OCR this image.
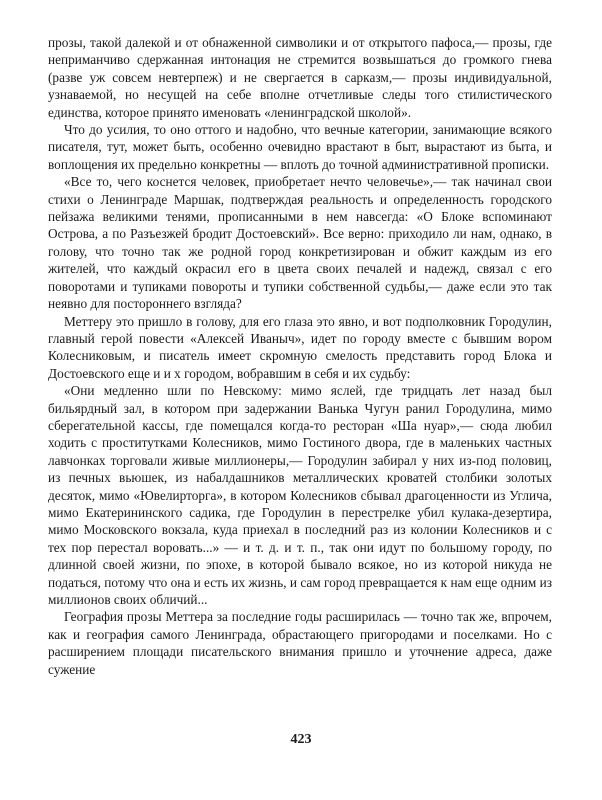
прозы, такой далекой и от обнаженной символики и от открытого пафоса,— прозы, где неприманчиво сдержанная интонация не стремится возвышаться до громкого гнева (разве уж совсем невтерпеж) и не свергается в сарказм,— прозы индивидуальной, узнаваемой, но несущей на себе вполне отчетливые следы того стилистического единства, которое принято именовать «ленинградской школой».

Что до усилия, то оно оттого и надобно, что вечные категории, занимающие всякого писателя, тут, может быть, особенно очевидно врастают в быт, вырастают из быта, и воплощения их предельно конкретны — вплоть до точной административной прописки.

«Все то, чего коснется человек, приобретает нечто человечье»,— так начинал свои стихи о Ленинграде Маршак, подтверждая реальность и определенность городского пейзажа великими тенями, прописанными в нем навсегда: «О Блоке вспоминают Острова, а по Разъезжей бродит Достоевский». Все верно: приходило ли нам, однако, в голову, что точно так же родной город конкретизирован и обжит каждым из его жителей, что каждый окрасил его в цвета своих печалей и надежд, связал с его поворотами и тупиками повороты и тупики собственной судьбы,— даже если это так неявно для постороннего взгляда?

Меттеру это пришло в голову, для его глаза это явно, и вот подполковник Городулин, главный герой повести «Алексей Иваныч», идет по городу вместе с бывшим вором Колесниковым, и писатель имеет скромную смелость представить город Блока и Достоевского еще и и х городом, вобравшим в себя и их судьбу:

«Они медленно шли по Невскому: мимо яслей, где тридцать лет назад был бильярдный зал, в котором при задержании Ванька Чугун ранил Городулина, мимо сберегательной кассы, где помещался когда-то ресторан «Ша нуар»,— сюда любил ходить с проститутками Колесников, мимо Гостиного двора, где в маленьких частных лавчонках торговали живые миллионеры,— Городулин забирал у них из-под половиц, из печных вьюшек, из набалдашников металлических кроватей столбики золотых десяток, мимо «Ювелирторга», в котором Колесников сбывал драгоценности из Углича, мимо Екатерининского садика, где Городулин в перестрелке убил кулака-дезертира, мимо Московского вокзала, куда приехал в последний раз из колонии Колесников и с тех пор перестал воровать...» — и т. д. и т. п., так они идут по большому городу, по длинной своей жизни, по эпохе, в которой бывало всякое, но из которой никуда не податься, потому что она и есть их жизнь, и сам город превращается к нам еще одним из миллионов своих обличий...

География прозы Меттера за последние годы расширилась — точно так же, впрочем, как и география самого Ленинграда, обрастающего пригородами и поселками. Но с расширением площади писательского внимания пришло и уточнение адреса, даже сужение

423
